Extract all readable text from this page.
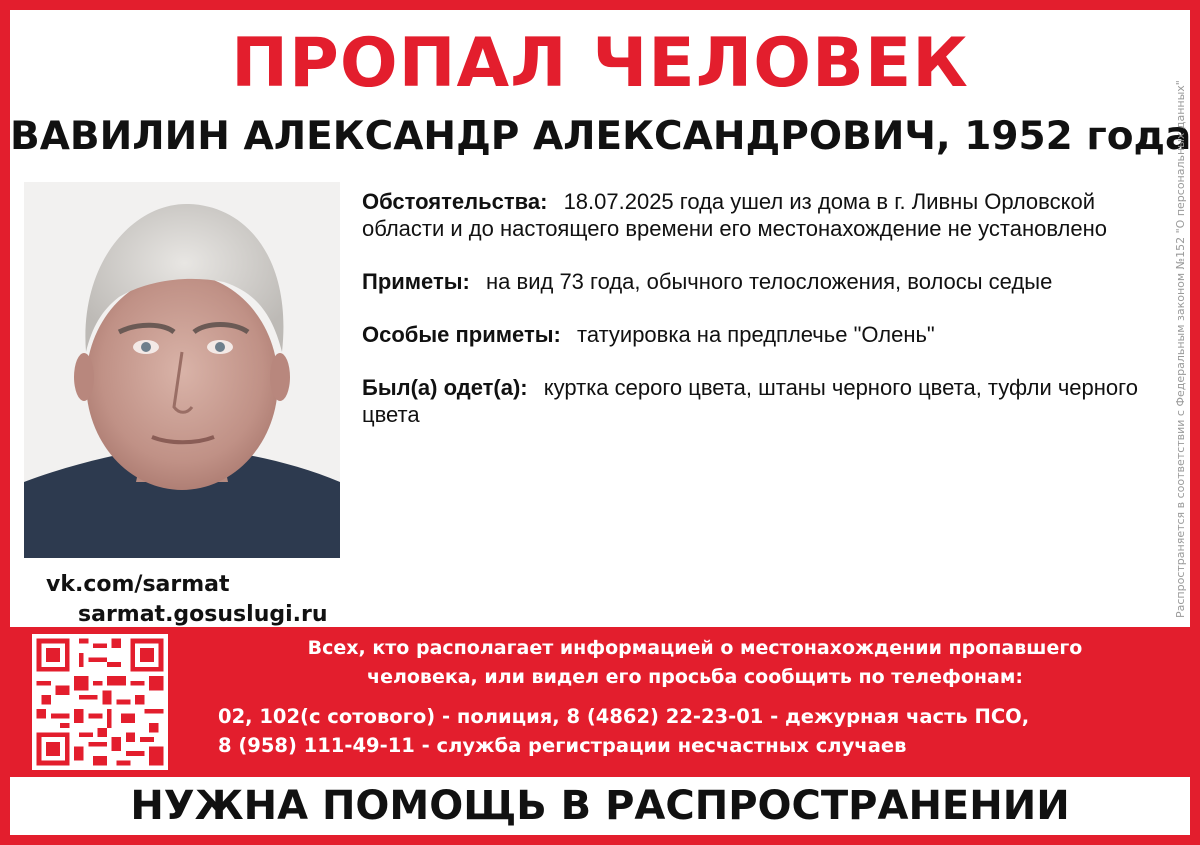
ПРОПАЛ ЧЕЛОВЕК
ВАВИЛИН АЛЕКСАНДР АЛЕКСАНДРОВИЧ, 1952 года
vk.com/sarmat
sarmat.gosuslugi.ru
Обстоятельства: 18.07.2025 года ушел из дома в г. Ливны Орловской области и до настоящего времени его местонахождение не установлено
Приметы: на вид 73 года, обычного телосложения, волосы седые
Особые приметы: татуировка на предплечье "Олень"
Был(а) одет(а): куртка серого цвета, штаны черного цвета, туфли черного цвета	Распространяется в соответствии с Федеральным законом №152 "О персональных данных"
Всех, кто располагает информацией о местонахождении пропавшего
человека, или видел его просьба сообщить по телефонам:
02, 102(с сотового) - полиция, 8 (4862) 22-23-01 - дежурная часть ПСО,
8 (958) 111-49-11 - служба регистрации несчастных случаев
НУЖНА ПОМОЩЬ В РАСПРОСТРАНЕНИИ
